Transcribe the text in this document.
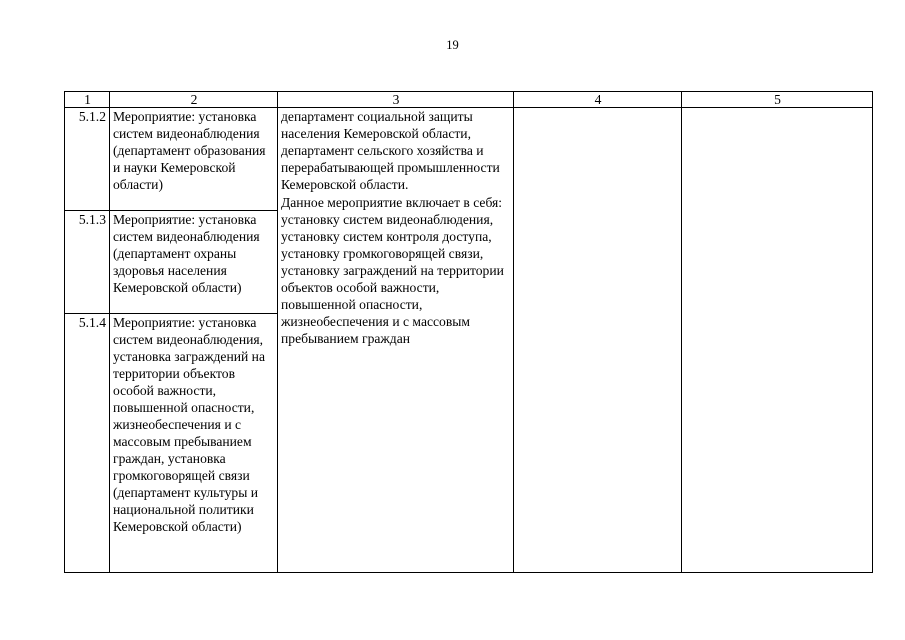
19
1	2	3	4	5
5.1.2	Мероприятие: установка систем видеонаблюдения (департамент образования и науки Кемеровской области)	департамент социальной защиты населения Кемеровской области, департамент сельского хозяйства и перерабатывающей промышленности Кемеровской области.
Данное мероприятие включает в себя: установку систем видеонаблюдения, установку систем контроля доступа, установку громкоговорящей связи, установку заграждений на территории объектов особой важности, повышенной опасности, жизнеобеспечения и с массовым пребыванием граждан		

5.1.3	Мероприятие: установка систем видеонаблюдения (департамент охраны здоровья населения Кемеровской области)			
5.1.4	Мероприятие: установка систем видеонаблюдения, установка заграждений на территории объектов особой важности, повышенной опасности, жизнеобеспечения и с массовым пребыванием граждан, установка громкоговорящей связи (департамент культуры и национальной политики Кемеровской области)			
